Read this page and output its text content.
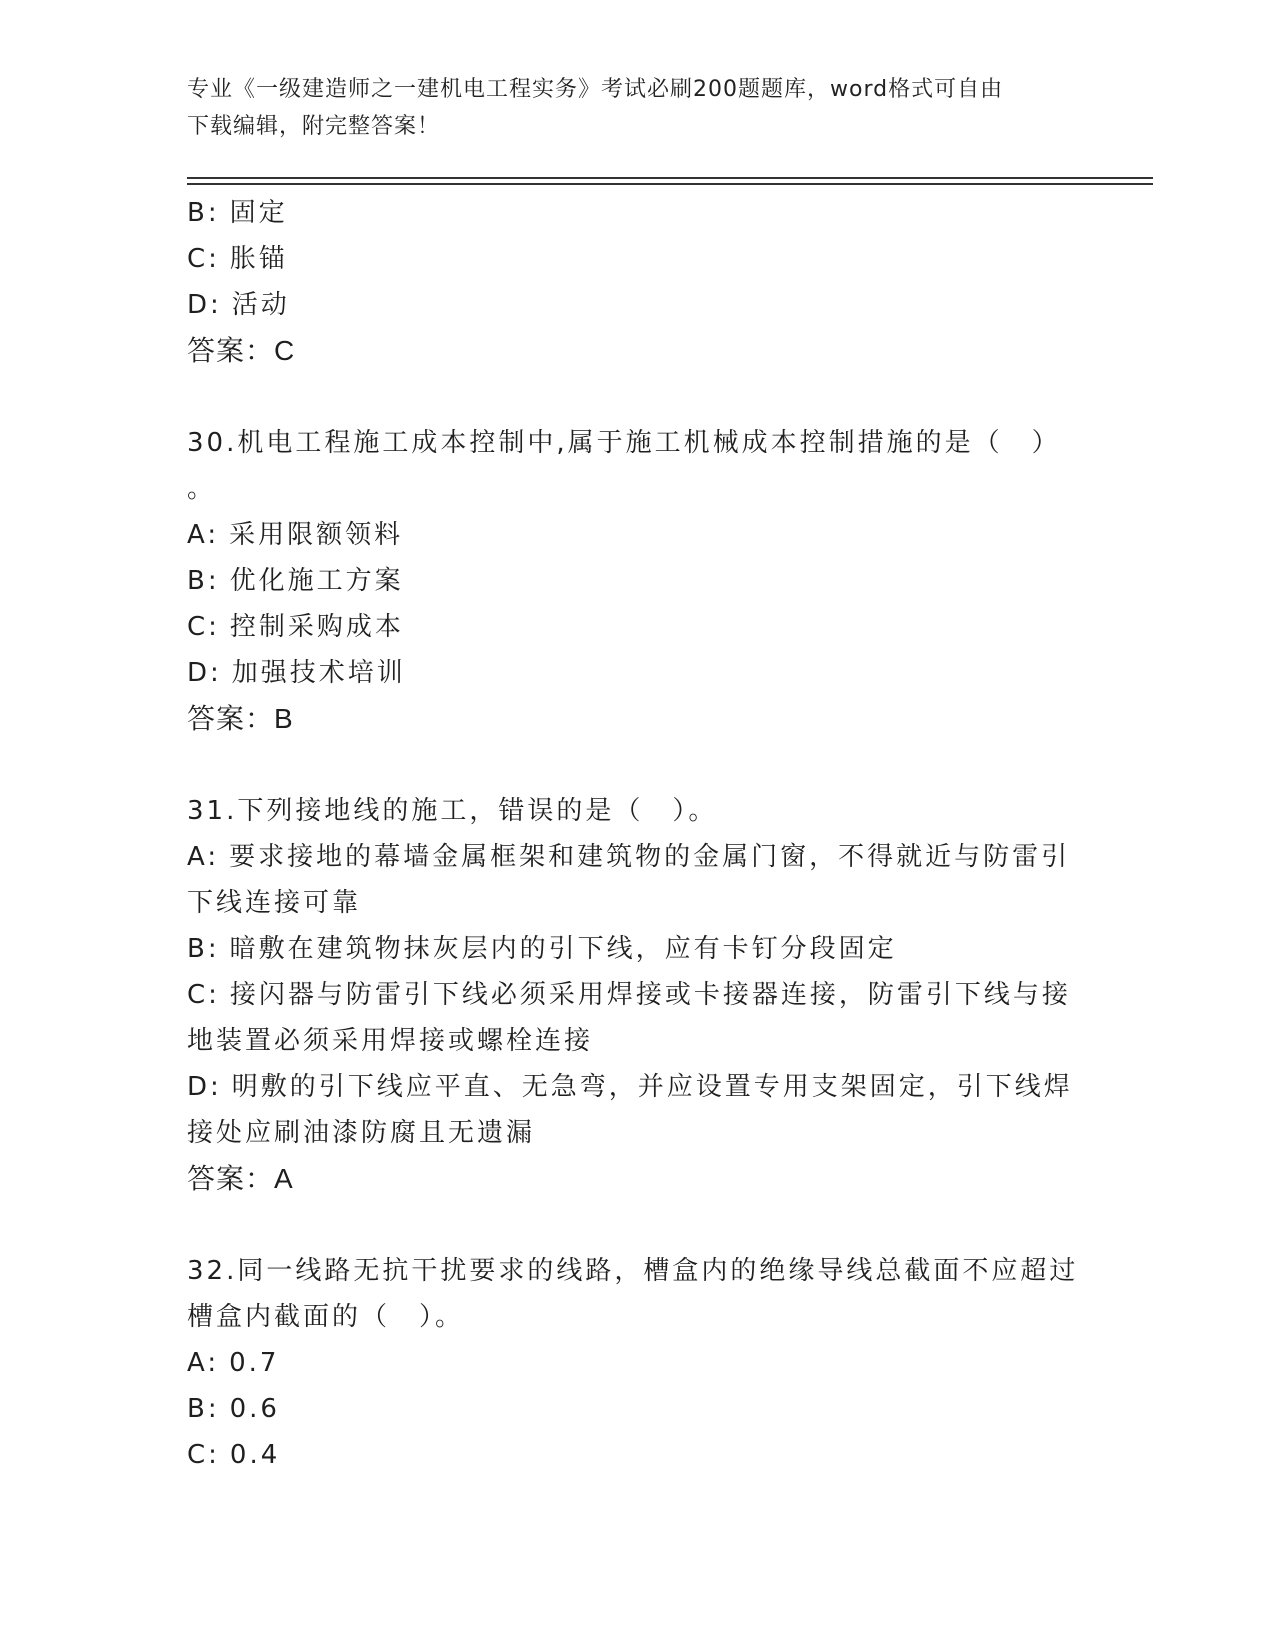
专业《一级建造师之一建机电工程实务》考试必刷200题题库，word格式可自由
下载编辑，附完整答案！
B: 固定
C: 胀锚
D: 活动
答案：C
30.机电工程施工成本控制中,属于施工机械成本控制措施的是（　）
。
A: 采用限额领料
B: 优化施工方案
C: 控制采购成本
D: 加强技术培训
答案：B
31.下列接地线的施工，错误的是（　）。
A: 要求接地的幕墙金属框架和建筑物的金属门窗，不得就近与防雷引
下线连接可靠
B: 暗敷在建筑物抹灰层内的引下线，应有卡钉分段固定
C: 接闪器与防雷引下线必须采用焊接或卡接器连接，防雷引下线与接
地装置必须采用焊接或螺栓连接
D: 明敷的引下线应平直、无急弯，并应设置专用支架固定，引下线焊
接处应刷油漆防腐且无遗漏
答案：A
32.同一线路无抗干扰要求的线路，槽盒内的绝缘导线总截面不应超过
槽盒内截面的（　）。
A: 0.7
B: 0.6
C: 0.4
